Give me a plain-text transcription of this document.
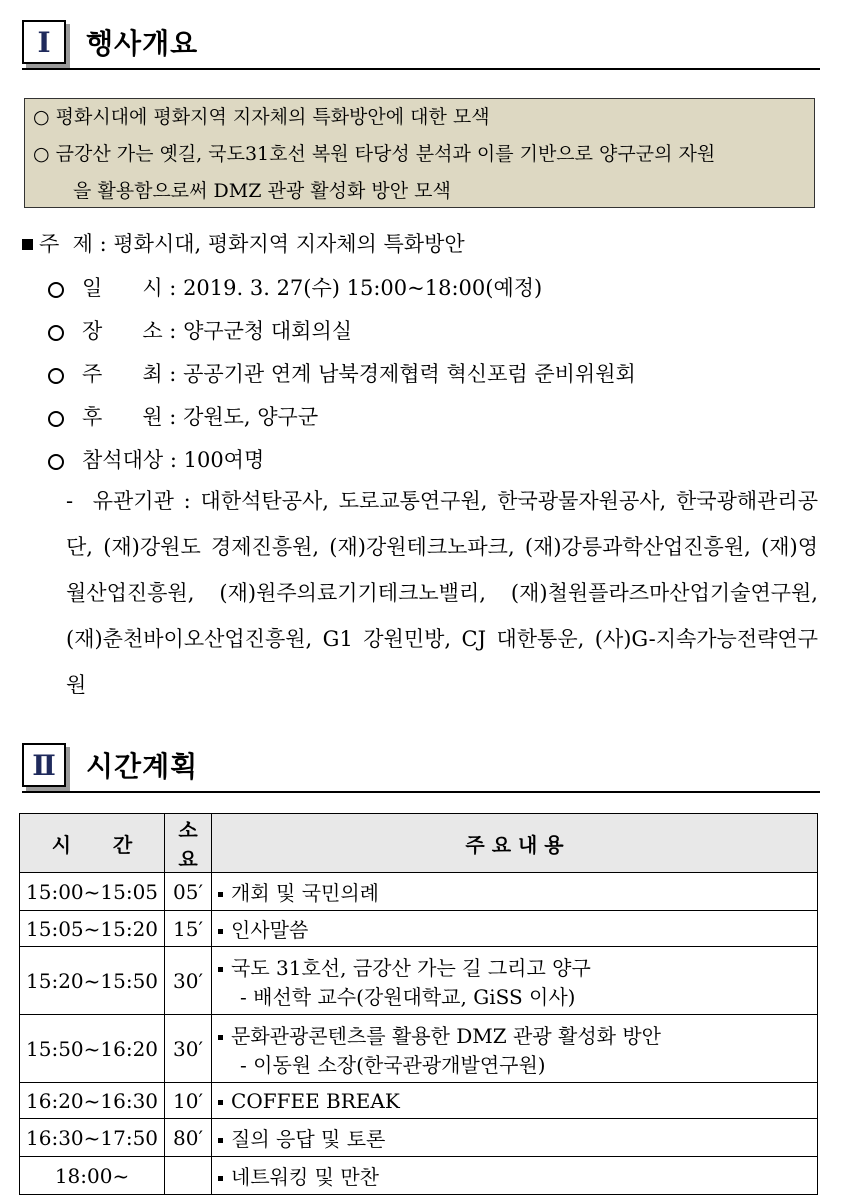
Ⅰ	행사개요
○ 평화시대에 평화지역 지자체의 특화방안에 대한 모색
○ 금강산 가는 옛길, 국도31호선 복원 타당성 분석과 이를 기반으로 양구군의 자원
을 활용함으로써 DMZ 관광 활성화 방안 모색
주  제 : 평화시대, 평화지역 지자체의 특화방안
일      시 : 2019. 3. 27(수) 15:00~18:00(예정)
장      소 : 양구군청 대회의실
주      최 : 공공기관 연계 남북경제협력 혁신포럼 준비위원회
후      원 : 강원도, 양구군
참석대상 : 100여명
-  유관기관 : 대한석탄공사, 도로교통연구원, 한국광물자원공사, 한국광해관리공단, (재)강원도 경제진흥원, (재)강원테크노파크, (재)강릉과학산업진흥원, (재)영월산업진흥원, (재)원주의료기기테크노밸리, (재)철원플라즈마산업기술연구원, (재)춘천바이오산업진흥원, G1 강원민방, CJ 대한통운, (사)G-지속가능전략연구원
Ⅱ	시간계획
시      간	소요	주 요 내 용
15:00~15:05	05′	개회 및 국민의례
15:05~15:20	15′	인사말씀
15:20~15:50	30′	국도 31호선, 금강산 가는 길 그리고 양구
- 배선학 교수(강원대학교, GiSS 이사)

15:50~16:20	30′	문화관광콘텐츠를 활용한 DMZ 관광 활성화 방안
- 이동원 소장(한국관광개발연구원)

16:20~16:30	10′	COFFEE BREAK
16:30~17:50	80′	질의 응답 및 토론
18:00~		네트워킹 및 만찬
